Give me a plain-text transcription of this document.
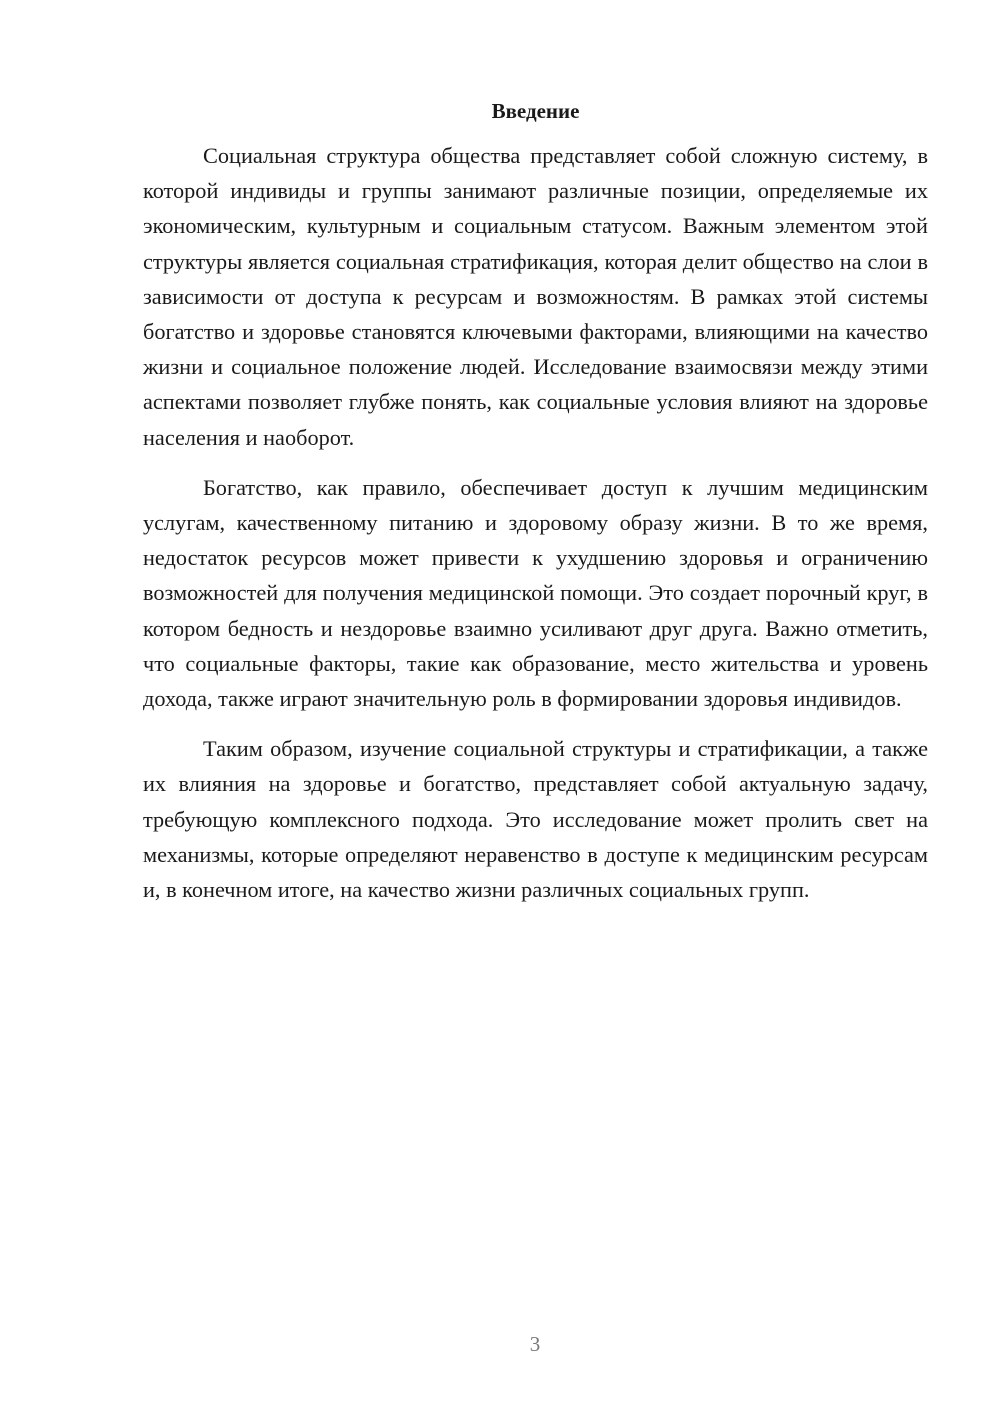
Введение

Социальная структура общества представляет собой сложную систему, в которой индивиды и группы занимают различные позиции, определяемые их экономическим, культурным и социальным статусом. Важным элементом этой структуры является социальная стратификация, которая делит общество на слои в зависимости от доступа к ресурсам и возможностям. В рамках этой системы богатство и здоровье становятся ключевыми факторами, влияющими на качество жизни и социальное положение людей. Исследование взаимосвязи между этими аспектами позволяет глубже понять, как социальные условия влияют на здоровье населения и наоборот.

Богатство, как правило, обеспечивает доступ к лучшим медицинским услугам, качественному питанию и здоровому образу жизни. В то же время, недостаток ресурсов может привести к ухудшению здоровья и ограничению возможностей для получения медицинской помощи. Это создает порочный круг, в котором бедность и нездоровье взаимно усиливают друг друга. Важно отметить, что социальные факторы, такие как образование, место жительства и уровень дохода, также играют значительную роль в формировании здоровья индивидов.

Таким образом, изучение социальной структуры и стратификации, а также их влияния на здоровье и богатство, представляет собой актуальную задачу, требующую комплексного подхода. Это исследование может пролить свет на механизмы, которые определяют неравенство в доступе к медицинским ресурсам и, в конечном итоге, на качество жизни различных социальных групп.

3
